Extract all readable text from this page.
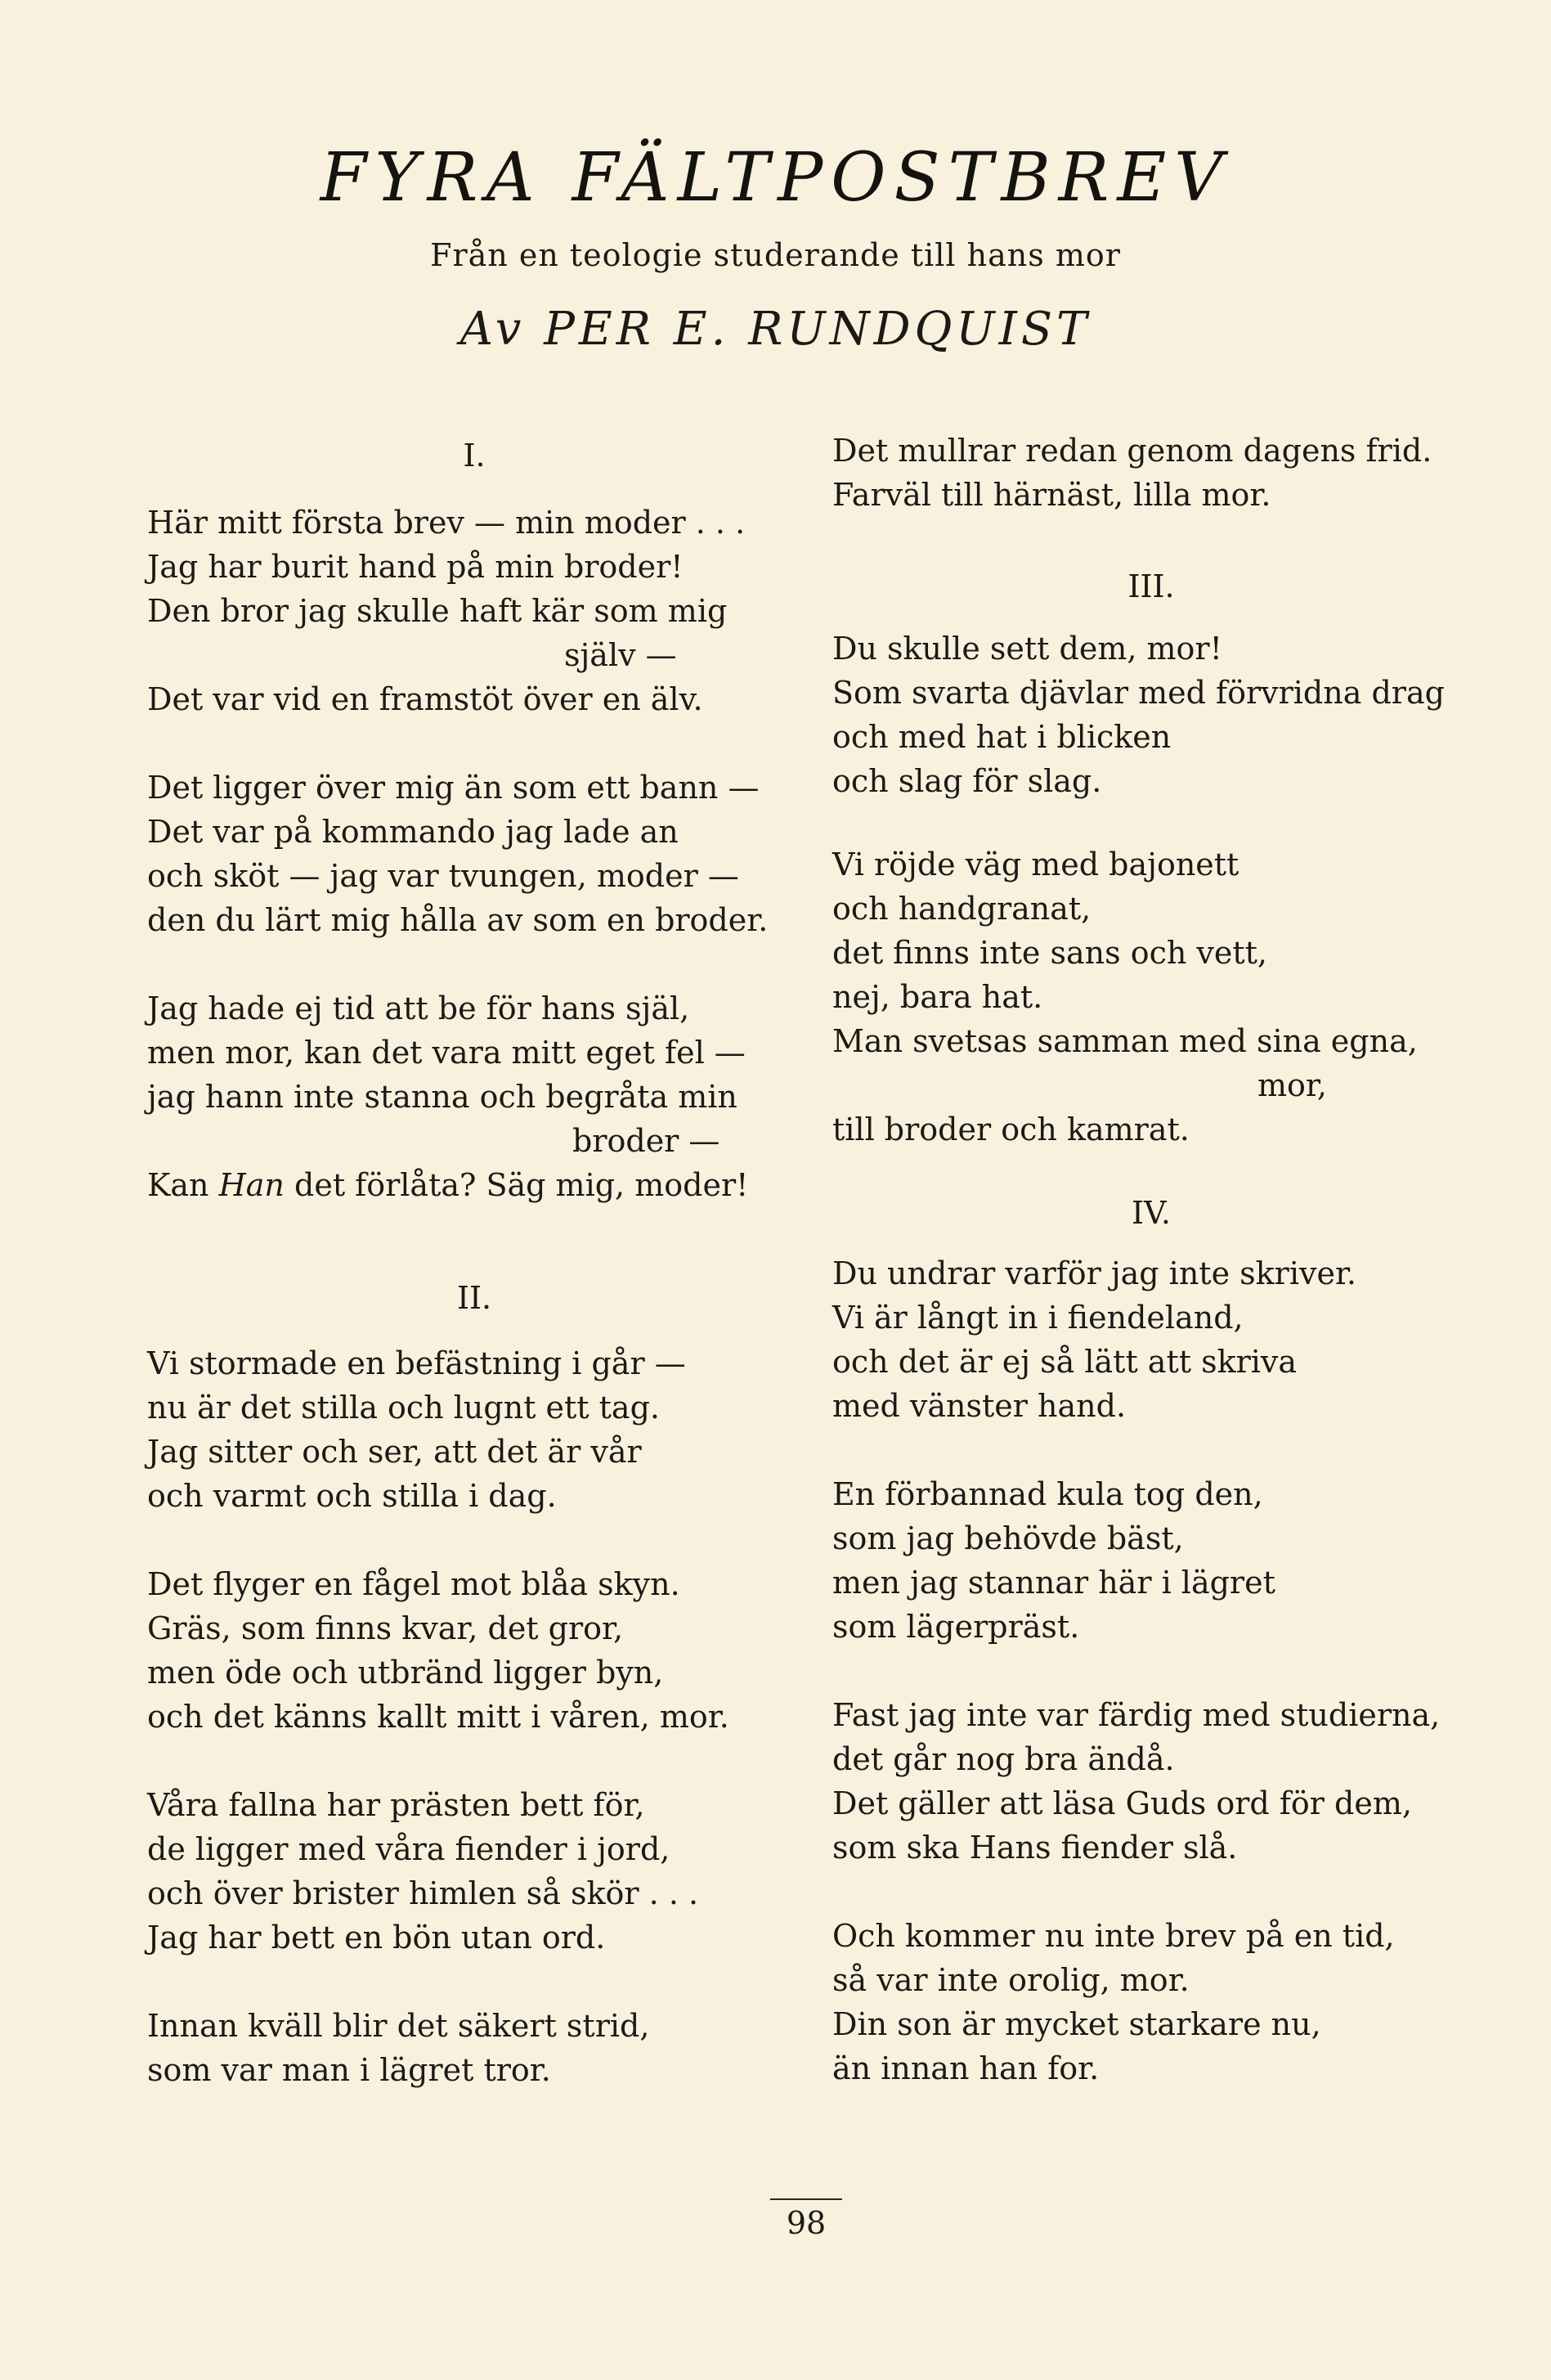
FYRA FÄLTPOSTBREV

Från en teologie studerande till hans mor

Av PER E. RUNDQUIST

I.
Här mitt första brev — min moder . . .
Jag har burit hand på min broder!
Den bror jag skulle haft kär som mig
själv —
Det var vid en framstöt över en älv.
Det ligger över mig än som ett bann —
Det var på kommando jag lade an
och sköt — jag var tvungen, moder —
den du lärt mig hålla av som en broder.
Jag hade ej tid att be för hans själ,
men mor, kan det vara mitt eget fel —
jag hann inte stanna och begråta min
broder —
Kan Han det förlåta? Säg mig, moder!
II.
Vi stormade en befästning i går —
nu är det stilla och lugnt ett tag.
Jag sitter och ser, att det är vår
och varmt och stilla i dag.
Det flyger en fågel mot blåa skyn.
Gräs, som finns kvar, det gror,
men öde och utbränd ligger byn,
och det känns kallt mitt i våren, mor.
Våra fallna har prästen bett för,
de ligger med våra fiender i jord,
och över brister himlen så skör . . .
Jag har bett en bön utan ord.
Innan kväll blir det säkert strid,
som var man i lägret tror.
Det mullrar redan genom dagens frid.
Farväl till härnäst, lilla mor.
III.
Du skulle sett dem, mor!
Som svarta djävlar med förvridna drag
och med hat i blicken
och slag för slag.
Vi röjde väg med bajonett
och handgranat,
det finns inte sans och vett,
nej, bara hat.
Man svetsas samman med sina egna,
mor,
till broder och kamrat.
IV.
Du undrar varför jag inte skriver.
Vi är långt in i fiendeland,
och det är ej så lätt att skriva
med vänster hand.
En förbannad kula tog den,
som jag behövde bäst,
men jag stannar här i lägret
som lägerpräst.
Fast jag inte var färdig med studierna,
det går nog bra ändå.
Det gäller att läsa Guds ord för dem,
som ska Hans fiender slå.
Och kommer nu inte brev på en tid,
så var inte orolig, mor.
Din son är mycket starkare nu,
än innan han for.
98
